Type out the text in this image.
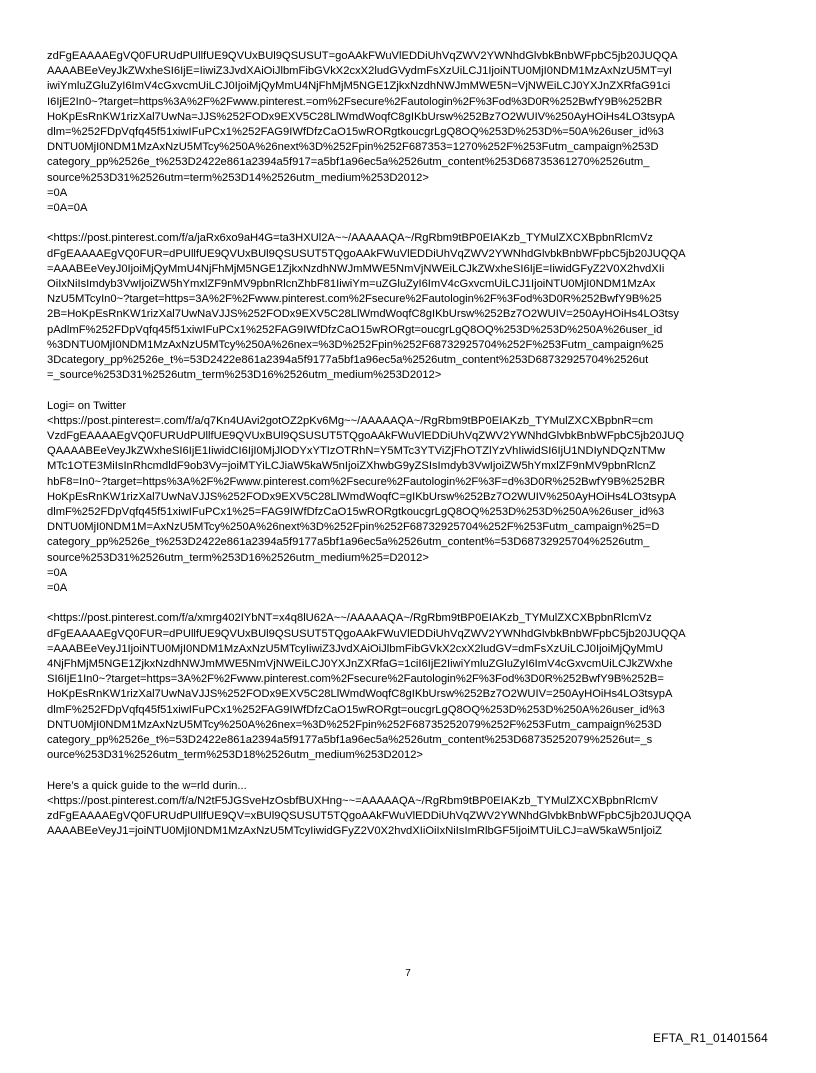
zdFgEAAAAEgVQ0FURUdPUllfUE9QVUxBUl9QSUSUT=goAAkFWuVlEDDiUhVqZWV2YWNhdGlvbkBnbWFpbC5jb20JUQQA
AAAABEeVeyJkZWxheSI6IjE=IiwiZ3JvdXAiOiJlbmFibGVkX2cxX2ludGVydmFsXzUiLCJ1IjoiNTU0MjI0NDM1MzAxNzU5MT=yI
iwiYmluZGluZyI6ImV4cGxvcmUiLCJ0IjoiMjQyMmU4NjFhMjM5NGE1ZjkxNzdhNWJmMWE5N=VjNWEiLCJ0YXJnZXRfaG91ci
I6IjE2In0~?target=https%3A%2F%2Fwww.pinterest.=om%2Fsecure%2Fautologin%2F%3Fod%3D0R%252BwfY9B%252BR
HoKpEsRnKW1rizXal7UwNa=JJS%252FODx9EXV5C28LlWmdWoqfC8gIKbUrsw%252Bz7O2WUIV%250AyHOiHs4LO3tsypA
dlm=%252FDpVqfq45f51xiwIFuPCx1%252FAG9IWfDfzCaO15wRORgtkoucgrLgQ8OQ%253D%253D%=50A%26user_id%3
DNTU0MjI0NDM1MzAxNzU5MTcy%250A%26next%3D%252Fpin%252F687353=1270%252F%253Futm_campaign%253D
category_pp%2526e_t%253D2422e861a2394a5f917=a5bf1a96ec5a%2526utm_content%253D68735361270%2526utm_
source%253D31%2526utm=term%253D14%2526utm_medium%253D2012>
=0A
=0A=0A
<https://post.pinterest.com/f/a/jaRx6xo9aH4G=ta3HXUl2A~~/AAAAAQA~/RgRbm9tBP0EIAKzb_TYMulZXCXBpbnRlcmVz
dFgEAAAAEgVQ0FUR=dPUllfUE9QVUxBUl9QSUSUT5TQgoAAkFWuVlEDDiUhVqZWV2YWNhdGlvbkBnbWFpbC5jb20JUQQA
=AAABEeVeyJ0IjoiMjQyMmU4NjFhMjM5NGE1ZjkxNzdhNWJmMWE5NmVjNWEiLCJkZWxheSI6IjE=IiwidGFyZ2V0X2hvdXIi
OiIxNiIsImdyb3VwIjoiZW5hYmxlZF9nMV9pbnRlcnZhbF81IiwiYm=uZGluZyI6ImV4cGxvcmUiLCJ1IjoiNTU0MjI0NDM1MzAx
NzU5MTcyIn0~?target=https=3A%2F%2Fwww.pinterest.com%2Fsecure%2Fautologin%2F%3Fod%3D0R%252BwfY9B%25
2B=HoKpEsRnKW1rizXal7UwNaVJJS%252FODx9EXV5C28LlWmdWoqfC8gIKbUrsw%252Bz7O2WUIV=250AyHOiHs4LO3tsy
pAdlmF%252FDpVqfq45f51xiwIFuPCx1%252FAG9IWfDfzCaO15wRORgt=oucgrLgQ8OQ%253D%253D%250A%26user_id
%3DNTU0MjI0NDM1MzAxNzU5MTcy%250A%26nex=%3D%252Fpin%252F68732925704%252F%253Futm_campaign%25
3Dcategory_pp%2526e_t%=53D2422e861a2394a5f9177a5bf1a96ec5a%2526utm_content%253D68732925704%2526ut
=_source%253D31%2526utm_term%253D16%2526utm_medium%253D2012>
Logi= on Twitter
<https://post.pinterest=.com/f/a/q7Kn4UAvi2gotOZ2pKv6Mg~~/AAAAAQA~/RgRbm9tBP0EIAKzb_TYMulZXCXBpbnR=cm
VzdFgEAAAAEgVQ0FURUdPUllfUE9QVUxBUl9QSUSUT5TQgoAAkFWuVlEDDiUhVqZWV2YWNhdGlvbkBnbWFpbC5jb20JUQ
QAAAABEeVeyJkZWxheSI6IjE1IiwidCI6IjI0MjJlODYxYTIzOTRhN=Y5MTc3YTViZjFhOTZlYzVhIiwidSI6IjU1NDIyNDQzNTMw
MTc1OTE3MiIsInRhcmdldF9ob3Vy=joiMTYiLCJiaW5kaW5nIjoiZXhwbG9yZSIsImdyb3VwIjoiZW5hYmxlZF9nMV9pbnRlcnZ
hbF8=In0~?target=https%3A%2F%2Fwww.pinterest.com%2Fsecure%2Fautologin%2F%3F=d%3D0R%252BwfY9B%252BR
HoKpEsRnKW1rizXal7UwNaVJJS%252FODx9EXV5C28LlWmdWoqfC=gIKbUrsw%252Bz7O2WUIV%250AyHOiHs4LO3tsypA
dlmF%252FDpVqfq45f51xiwIFuPCx1%25=FAG9IWfDfzCaO15wRORgtkoucgrLgQ8OQ%253D%253D%250A%26user_id%3
DNTU0MjI0NDM1M=AxNzU5MTcy%250A%26next%3D%252Fpin%252F68732925704%252F%253Futm_campaign%25=D
category_pp%2526e_t%253D2422e861a2394a5f9177a5bf1a96ec5a%2526utm_content%=53D68732925704%2526utm_
source%253D31%2526utm_term%253D16%2526utm_medium%25=D2012>
=0A
=0A
<https://post.pinterest.com/f/a/xmrg402IYbNT=x4q8lU62A~~/AAAAAQA~/RgRbm9tBP0EIAKzb_TYMulZXCXBpbnRlcmVz
dFgEAAAAEgVQ0FUR=dPUllfUE9QVUxBUl9QSUSUT5TQgoAAkFWuVlEDDiUhVqZWV2YWNhdGlvbkBnbWFpbC5jb20JUQQA
=AAABEeVeyJ1IjoiNTU0MjI0NDM1MzAxNzU5MTcyIiwiZ3JvdXAiOiJlbmFibGVkX2cxX2ludGV=dmFsXzUiLCJ0IjoiMjQyMmU
4NjFhMjM5NGE1ZjkxNzdhNWJmMWE5NmVjNWEiLCJ0YXJnZXRfaG=1ciI6IjE2IiwiYmluZGluZyI6ImV4cGxvcmUiLCJkZWxhe
SI6IjE1In0~?target=https=3A%2F%2Fwww.pinterest.com%2Fsecure%2Fautologin%2F%3Fod%3D0R%252BwfY9B%252B=
HoKpEsRnKW1rizXal7UwNaVJJS%252FODx9EXV5C28LlWmdWoqfC8gIKbUrsw%252Bz7O2WUIV=250AyHOiHs4LO3tsypA
dlmF%252FDpVqfq45f51xiwIFuPCx1%252FAG9IWfDfzCaO15wRORgt=oucgrLgQ8OQ%253D%253D%250A%26user_id%3
DNTU0MjI0NDM1MzAxNzU5MTcy%250A%26nex=%3D%252Fpin%252F68735252079%252F%253Futm_campaign%253D
category_pp%2526e_t%=53D2422e861a2394a5f9177a5bf1a96ec5a%2526utm_content%253D68735252079%2526ut=_s
ource%253D31%2526utm_term%253D18%2526utm_medium%253D2012>
Here’s a quick guide to the w=rld durin...
<https://post.pinterest.com/f/a/N2tF5JGSveHzOsbfBUXHng~~=AAAAAQA~/RgRbm9tBP0EIAKzb_TYMulZXCXBpbnRlcmV
zdFgEAAAAEgVQ0FURUdPUllfUE9QV=xBUl9QSUSUT5TQgoAAkFWuVlEDDiUhVqZWV2YWNhdGlvbkBnbWFpbC5jb20JUQQA
AAAABEeVeyJ1=joiNTU0MjI0NDM1MzAxNzU5MTcyIiwidGFyZ2V0X2hvdXIiOiIxNiIsImRlbGF5IjoiMTUiLCJ=aW5kaW5nIjoiZ
7
EFTA_R1_01401564
